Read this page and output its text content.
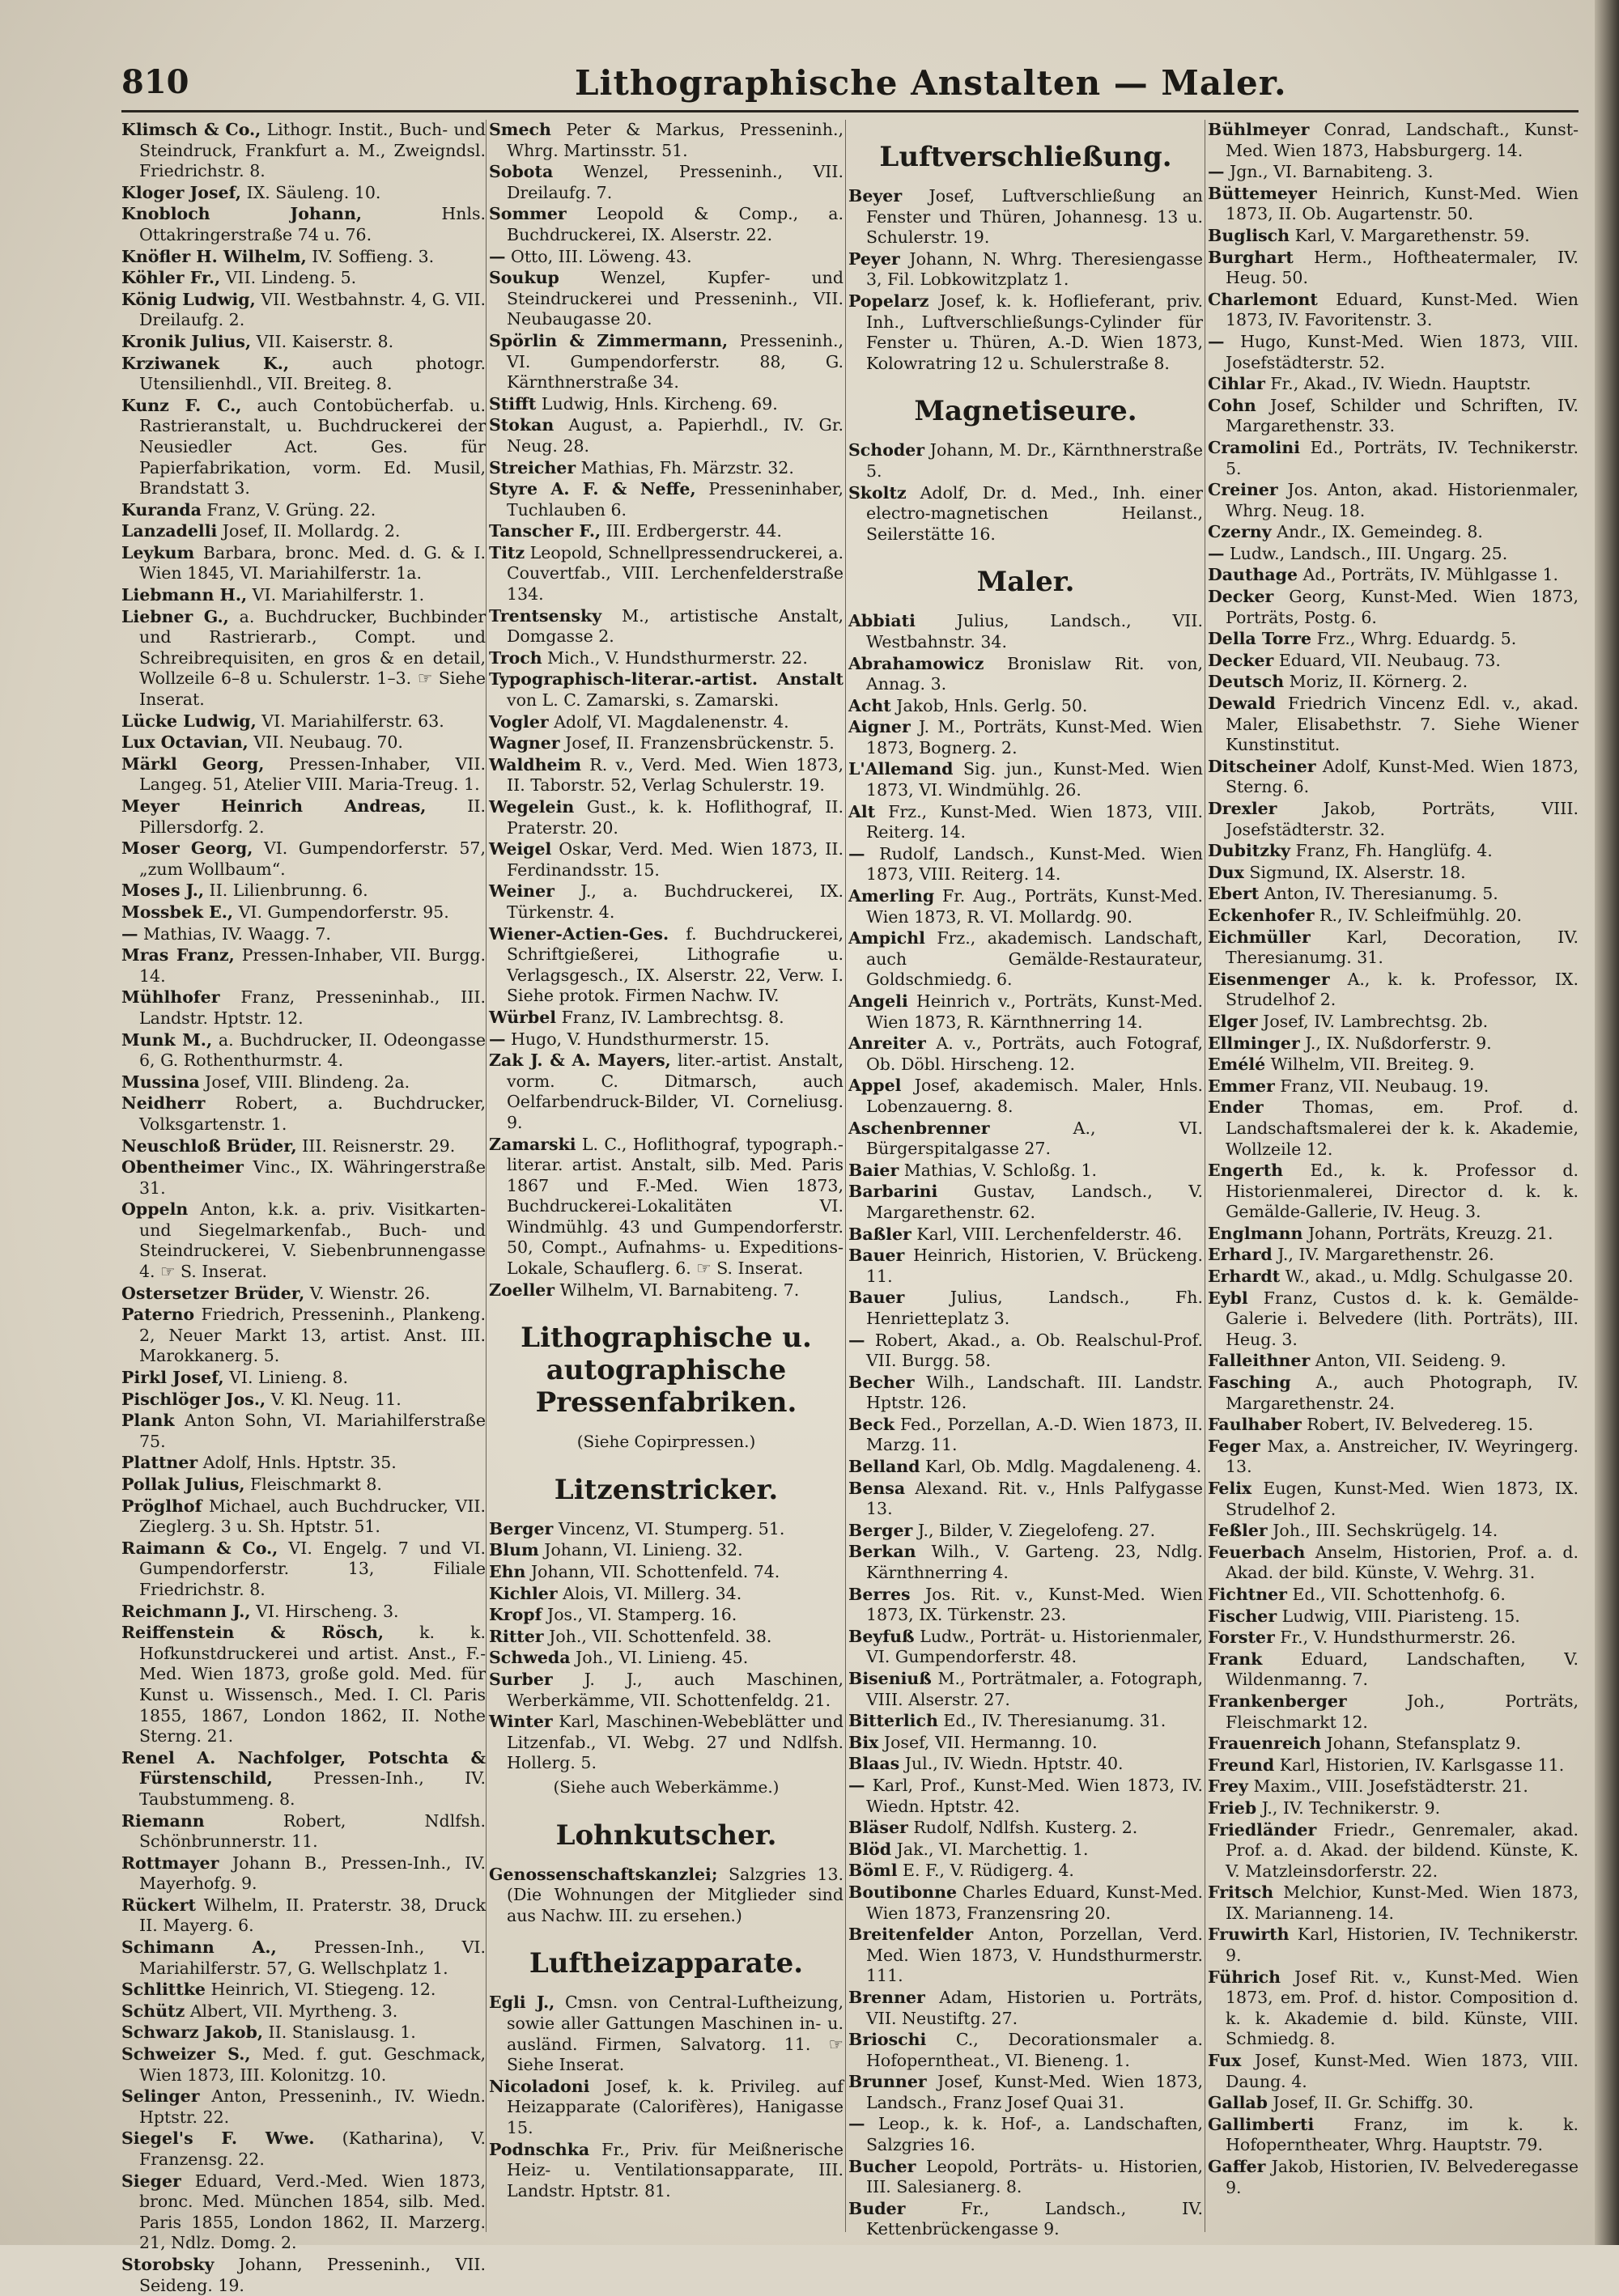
810	Lithographische Anstalten — Maler.
Klimsch & Co., Lithogr. Instit., Buch- und Steindruck, Frankfurt a. M., Zweigndsl. Friedrichstr. 8.
Kloger Josef, IX. Säuleng. 10.
Knobloch Johann, Hnls. Ottakringerstraße 74 u. 76.
Knöfler H. Wilhelm, IV. Soffieng. 3.
Köhler Fr., VII. Lindeng. 5.
König Ludwig, VII. Westbahnstr. 4, G. VII. Dreilaufg. 2.
Kronik Julius, VII. Kaiserstr. 8.
Krziwanek K., auch photogr. Utensilienhdl., VII. Breiteg. 8.
Kunz F. C., auch Contobücherfab. u. Rastrieranstalt, u. Buchdruckerei der Neusiedler Act. Ges. für Papierfabrikation, vorm. Ed. Musil, Brandstatt 3.
Kuranda Franz, V. Grüng. 22.
Lanzadelli Josef, II. Mollardg. 2.
Leykum Barbara, bronc. Med. d. G. & I. Wien 1845, VI. Mariahilferstr. 1a.
Liebmann H., VI. Mariahilferstr. 1.
Liebner G., a. Buchdrucker, Buchbinder und Rastrierarb., Compt. und Schreibrequisiten, en gros & en detail, Wollzeile 6–8 u. Schulerstr. 1–3. ☞ Siehe Inserat.
Lücke Ludwig, VI. Mariahilferstr. 63.
Lux Octavian, VII. Neubaug. 70.
Märkl Georg, Pressen-Inhaber, VII. Langeg. 51, Atelier VIII. Maria-Treug. 1.
Meyer Heinrich Andreas, II. Pillersdorfg. 2.
Moser Georg, VI. Gumpendorferstr. 57, „zum Wollbaum“.
Moses J., II. Lilienbrunng. 6.
Mossbek E., VI. Gumpendorferstr. 95.
— Mathias, IV. Waagg. 7.
Mras Franz, Pressen-Inhaber, VII. Burgg. 14.
Mühlhofer Franz, Presseninhab., III. Landstr. Hptstr. 12.
Munk M., a. Buchdrucker, II. Odeongasse 6, G. Rothenthurmstr. 4.
Mussina Josef, VIII. Blindeng. 2a.
Neidherr Robert, a. Buchdrucker, Volksgartenstr. 1.
Neuschloß Brüder, III. Reisnerstr. 29.
Obentheimer Vinc., IX. Währingerstraße 31.
Oppeln Anton, k.k. a. priv. Visitkarten- und Siegelmarkenfab., Buch- und Steindruckerei, V. Siebenbrunnengasse 4. ☞ S. Inserat.
Ostersetzer Brüder, V. Wienstr. 26.
Paterno Friedrich, Presseninh., Plankeng. 2, Neuer Markt 13, artist. Anst. III. Marokkanerg. 5.
Pirkl Josef, VI. Linieng. 8.
Pischlöger Jos., V. Kl. Neug. 11.
Plank Anton Sohn, VI. Mariahilferstraße 75.
Plattner Adolf, Hnls. Hptstr. 35.
Pollak Julius, Fleischmarkt 8.
Pröglhof Michael, auch Buchdrucker, VII. Zieglerg. 3 u. Sh. Hptstr. 51.
Raimann & Co., VI. Engelg. 7 und VI. Gumpendorferstr. 13, Filiale Friedrichstr. 8.
Reichmann J., VI. Hirscheng. 3.
Reiffenstein & Rösch, k. k. Hofkunstdruckerei und artist. Anst., F.-Med. Wien 1873, große gold. Med. für Kunst u. Wissensch., Med. I. Cl. Paris 1855, 1867, London 1862, II. Nothe Sterng. 21.
Renel A. Nachfolger, Potschta & Fürstenschild, Pressen-Inh., IV. Taubstummeng. 8.
Riemann Robert, Ndlfsh. Schönbrunnerstr. 11.
Rottmayer Johann B., Pressen-Inh., IV. Mayerhofg. 9.
Rückert Wilhelm, II. Praterstr. 38, Druck II. Mayerg. 6.
Schimann A., Pressen-Inh., VI. Mariahilferstr. 57, G. Wellschplatz 1.
Schlittke Heinrich, VI. Stiegeng. 12.
Schütz Albert, VII. Myrtheng. 3.
Schwarz Jakob, II. Stanislausg. 1.
Schweizer S., Med. f. gut. Geschmack, Wien 1873, III. Kolonitzg. 10.
Selinger Anton, Presseninh., IV. Wiedn. Hptstr. 22.
Siegel's F. Wwe. (Katharina), V. Franzensg. 22.
Sieger Eduard, Verd.-Med. Wien 1873, bronc. Med. München 1854, silb. Med. Paris 1855, London 1862, II. Marzerg. 21, Ndlz. Domg. 2.
Storobsky Johann, Presseninh., VII. Seideng. 19.
Smech Peter & Markus, Presseninh., Whrg. Martinsstr. 51.
Sobota Wenzel, Presseninh., VII. Dreilaufg. 7.
Sommer Leopold & Comp., a. Buchdruckerei, IX. Alserstr. 22.
— Otto, III. Löweng. 43.
Soukup Wenzel, Kupfer- und Steindruckerei und Presseninh., VII. Neubaugasse 20.
Spörlin & Zimmermann, Presseninh., VI. Gumpendorferstr. 88, G. Kärnthnerstraße 34.
Stifft Ludwig, Hnls. Kircheng. 69.
Stokan August, a. Papierhdl., IV. Gr. Neug. 28.
Streicher Mathias, Fh. Märzstr. 32.
Styre A. F. & Neffe, Presseninhaber, Tuchlauben 6.
Tanscher F., III. Erdbergerstr. 44.
Titz Leopold, Schnellpressendruckerei, a. Couvertfab., VIII. Lerchenfelderstraße 134.
Trentsensky M., artistische Anstalt, Domgasse 2.
Troch Mich., V. Hundsthurmerstr. 22.
Typographisch-literar.-artist. Anstalt von L. C. Zamarski, s. Zamarski.
Vogler Adolf, VI. Magdalenenstr. 4.
Wagner Josef, II. Franzensbrückenstr. 5.
Waldheim R. v., Verd. Med. Wien 1873, II. Taborstr. 52, Verlag Schulerstr. 19.
Wegelein Gust., k. k. Hoflithograf, II. Praterstr. 20.
Weigel Oskar, Verd. Med. Wien 1873, II. Ferdinandsstr. 15.
Weiner J., a. Buchdruckerei, IX. Türkenstr. 4.
Wiener-Actien-Ges. f. Buchdruckerei, Schriftgießerei, Lithografie u. Verlagsgesch., IX. Alserstr. 22, Verw. I. Siehe protok. Firmen Nachw. IV.
Würbel Franz, IV. Lambrechtsg. 8.
— Hugo, V. Hundsthurmerstr. 15.
Zak J. & A. Mayers, liter.-artist. Anstalt, vorm. C. Ditmarsch, auch Oelfarbendruck-Bilder, VI. Corneliusg. 9.
Zamarski L. C., Hoflithograf, typograph.-literar. artist. Anstalt, silb. Med. Paris 1867 und F.-Med. Wien 1873, Buchdruckerei-Lokalitäten VI. Windmühlg. 43 und Gumpendorferstr. 50, Compt., Aufnahms- u. Expeditions-Lokale, Schauflerg. 6. ☞ S. Inserat.
Zoeller Wilhelm, VI. Barnabiteng. 7.
Lithographische u. autographische Pressenfabriken.
(Siehe Copirpressen.)
Litzenstricker.
Berger Vincenz, VI. Stumperg. 51.
Blum Johann, VI. Linieng. 32.
Ehn Johann, VII. Schottenfeld. 74.
Kichler Alois, VI. Millerg. 34.
Kropf Jos., VI. Stamperg. 16.
Ritter Joh., VII. Schottenfeld. 38.
Schweda Joh., VI. Linieng. 45.
Surber J. J., auch Maschinen, Werberkämme, VII. Schottenfeldg. 21.
Winter Karl, Maschinen-Webeblätter und Litzenfab., VI. Webg. 27 und Ndlfsh. Hollerg. 5.
(Siehe auch Weberkämme.)
Lohnkutscher.
Genossenschaftskanzlei; Salzgries 13. (Die Wohnungen der Mitglieder sind aus Nachw. III. zu ersehen.)
Luftheizapparate.
Egli J., Cmsn. von Central-Luftheizung, sowie aller Gattungen Maschinen in- u. ausländ. Firmen, Salvatorg. 11. ☞ Siehe Inserat.
Nicoladoni Josef, k. k. Privileg. auf Heizapparate (Calorifères), Hanigasse 15.
Podnschka Fr., Priv. für Meißnerische Heiz- u. Ventilationsapparate, III. Landstr. Hptstr. 81.
Luftverschließung.
Beyer Josef, Luftverschließung an Fenster und Thüren, Johannesg. 13 u. Schulerstr. 19.
Peyer Johann, N. Whrg. Theresiengasse 3, Fil. Lobkowitzplatz 1.
Popelarz Josef, k. k. Hoflieferant, priv. Inh., Luftverschließungs-Cylinder für Fenster u. Thüren, A.-D. Wien 1873, Kolowratring 12 u. Schulerstraße 8.
Magnetiseure.
Schoder Johann, M. Dr., Kärnthnerstraße 5.
Skoltz Adolf, Dr. d. Med., Inh. einer electro-magnetischen Heilanst., Seilerstätte 16.
Maler.
Abbiati Julius, Landsch., VII. Westbahnstr. 34.
Abrahamowicz Bronislaw Rit. von, Annag. 3.
Acht Jakob, Hnls. Gerlg. 50.
Aigner J. M., Porträts, Kunst-Med. Wien 1873, Bognerg. 2.
L'Allemand Sig. jun., Kunst-Med. Wien 1873, VI. Windmühlg. 26.
Alt Frz., Kunst-Med. Wien 1873, VIII. Reiterg. 14.
— Rudolf, Landsch., Kunst-Med. Wien 1873, VIII. Reiterg. 14.
Amerling Fr. Aug., Porträts, Kunst-Med. Wien 1873, R. VI. Mollardg. 90.
Ampichl Frz., akademisch. Landschaft, auch Gemälde-Restaurateur, Goldschmiedg. 6.
Angeli Heinrich v., Porträts, Kunst-Med. Wien 1873, R. Kärnthnerring 14.
Anreiter A. v., Porträts, auch Fotograf, Ob. Döbl. Hirscheng. 12.
Appel Josef, akademisch. Maler, Hnls. Lobenzauerng. 8.
Aschenbrenner A., VI. Bürgerspitalgasse 27.
Baier Mathias, V. Schloßg. 1.
Barbarini Gustav, Landsch., V. Margarethenstr. 62.
Baßler Karl, VIII. Lerchenfelderstr. 46.
Bauer Heinrich, Historien, V. Brückeng. 11.
Bauer Julius, Landsch., Fh. Henrietteplatz 3.
— Robert, Akad., a. Ob. Realschul-Prof. VII. Burgg. 58.
Becher Wilh., Landschaft. III. Landstr. Hptstr. 126.
Beck Fed., Porzellan, A.-D. Wien 1873, II. Marzg. 11.
Belland Karl, Ob. Mdlg. Magdaleneng. 4.
Bensa Alexand. Rit. v., Hnls Palfygasse 13.
Berger J., Bilder, V. Ziegelofeng. 27.
Berkan Wilh., V. Garteng. 23, Ndlg. Kärnthnerring 4.
Berres Jos. Rit. v., Kunst-Med. Wien 1873, IX. Türkenstr. 23.
Beyfuß Ludw., Porträt- u. Historienmaler, VI. Gumpendorferstr. 48.
Biseniuß M., Porträtmaler, a. Fotograph, VIII. Alserstr. 27.
Bitterlich Ed., IV. Theresianumg. 31.
Bix Josef, VII. Hermanng. 10.
Blaas Jul., IV. Wiedn. Hptstr. 40.
— Karl, Prof., Kunst-Med. Wien 1873, IV. Wiedn. Hptstr. 42.
Bläser Rudolf, Ndlfsh. Kusterg. 2.
Blöd Jak., VI. Marchettig. 1.
Böml E. F., V. Rüdigerg. 4.
Boutibonne Charles Eduard, Kunst-Med. Wien 1873, Franzensring 20.
Breitenfelder Anton, Porzellan, Verd. Med. Wien 1873, V. Hundsthurmerstr. 111.
Brenner Adam, Historien u. Porträts, VII. Neustiftg. 27.
Brioschi C., Decorationsmaler a. Hofoperntheat., VI. Bieneng. 1.
Brunner Josef, Kunst-Med. Wien 1873, Landsch., Franz Josef Quai 31.
— Leop., k. k. Hof-, a. Landschaften, Salzgries 16.
Bucher Leopold, Porträts- u. Historien, III. Salesianerg. 8.
Buder Fr., Landsch., IV. Kettenbrückengasse 9.
Bühlmeyer Conrad, Landschaft., Kunst-Med. Wien 1873, Habsburgerg. 14.
— Jgn., VI. Barnabiteng. 3.
Büttemeyer Heinrich, Kunst-Med. Wien 1873, II. Ob. Augartenstr. 50.
Buglisch Karl, V. Margarethenstr. 59.
Burghart Herm., Hoftheatermaler, IV. Heug. 50.
Charlemont Eduard, Kunst-Med. Wien 1873, IV. Favoritenstr. 3.
— Hugo, Kunst-Med. Wien 1873, VIII. Josefstädterstr. 52.
Cihlar Fr., Akad., IV. Wiedn. Hauptstr.
Cohn Josef, Schilder und Schriften, IV. Margarethenstr. 33.
Cramolini Ed., Porträts, IV. Technikerstr. 5.
Creiner Jos. Anton, akad. Historienmaler, Whrg. Neug. 18.
Czerny Andr., IX. Gemeindeg. 8.
— Ludw., Landsch., III. Ungarg. 25.
Dauthage Ad., Porträts, IV. Mühlgasse 1.
Decker Georg, Kunst-Med. Wien 1873, Porträts, Postg. 6.
Della Torre Frz., Whrg. Eduardg. 5.
Decker Eduard, VII. Neubaug. 73.
Deutsch Moriz, II. Körnerg. 2.
Dewald Friedrich Vincenz Edl. v., akad. Maler, Elisabethstr. 7. Siehe Wiener Kunstinstitut.
Ditscheiner Adolf, Kunst-Med. Wien 1873, Sterng. 6.
Drexler Jakob, Porträts, VIII. Josefstädterstr. 32.
Dubitzky Franz, Fh. Hanglüfg. 4.
Dux Sigmund, IX. Alserstr. 18.
Ebert Anton, IV. Theresianumg. 5.
Eckenhofer R., IV. Schleifmühlg. 20.
Eichmüller Karl, Decoration, IV. Theresianumg. 31.
Eisenmenger A., k. k. Professor, IX. Strudelhof 2.
Elger Josef, IV. Lambrechtsg. 2b.
Ellminger J., IX. Nußdorferstr. 9.
Emélé Wilhelm, VII. Breiteg. 9.
Emmer Franz, VII. Neubaug. 19.
Ender Thomas, em. Prof. d. Landschaftsmalerei der k. k. Akademie, Wollzeile 12.
Engerth Ed., k. k. Professor d. Historienmalerei, Director d. k. k. Gemälde-Gallerie, IV. Heug. 3.
Englmann Johann, Porträts, Kreuzg. 21.
Erhard J., IV. Margarethenstr. 26.
Erhardt W., akad., u. Mdlg. Schulgasse 20.
Eybl Franz, Custos d. k. k. Gemälde-Galerie i. Belvedere (lith. Porträts), III. Heug. 3.
Falleithner Anton, VII. Seideng. 9.
Fasching A., auch Photograph, IV. Margarethenstr. 24.
Faulhaber Robert, IV. Belvedereg. 15.
Feger Max, a. Anstreicher, IV. Weyringerg. 13.
Felix Eugen, Kunst-Med. Wien 1873, IX. Strudelhof 2.
Feßler Joh., III. Sechskrügelg. 14.
Feuerbach Anselm, Historien, Prof. a. d. Akad. der bild. Künste, V. Wehrg. 31.
Fichtner Ed., VII. Schottenhofg. 6.
Fischer Ludwig, VIII. Piaristeng. 15.
Forster Fr., V. Hundsthurmerstr. 26.
Frank Eduard, Landschaften, V. Wildenmanng. 7.
Frankenberger Joh., Porträts, Fleischmarkt 12.
Frauenreich Johann, Stefansplatz 9.
Freund Karl, Historien, IV. Karlsgasse 11.
Frey Maxim., VIII. Josefstädterstr. 21.
Frieb J., IV. Technikerstr. 9.
Friedländer Friedr., Genremaler, akad. Prof. a. d. Akad. der bildend. Künste, K. V. Matzleinsdorferstr. 22.
Fritsch Melchior, Kunst-Med. Wien 1873, IX. Marianneng. 14.
Fruwirth Karl, Historien, IV. Technikerstr. 9.
Führich Josef Rit. v., Kunst-Med. Wien 1873, em. Prof. d. histor. Composition d. k. k. Akademie d. bild. Künste, VIII. Schmiedg. 8.
Fux Josef, Kunst-Med. Wien 1873, VIII. Daung. 4.
Gallab Josef, II. Gr. Schiffg. 30.
Gallimberti Franz, im k. k. Hofoperntheater, Whrg. Hauptstr. 79.
Gaffer Jakob, Historien, IV. Belvederegasse 9.
